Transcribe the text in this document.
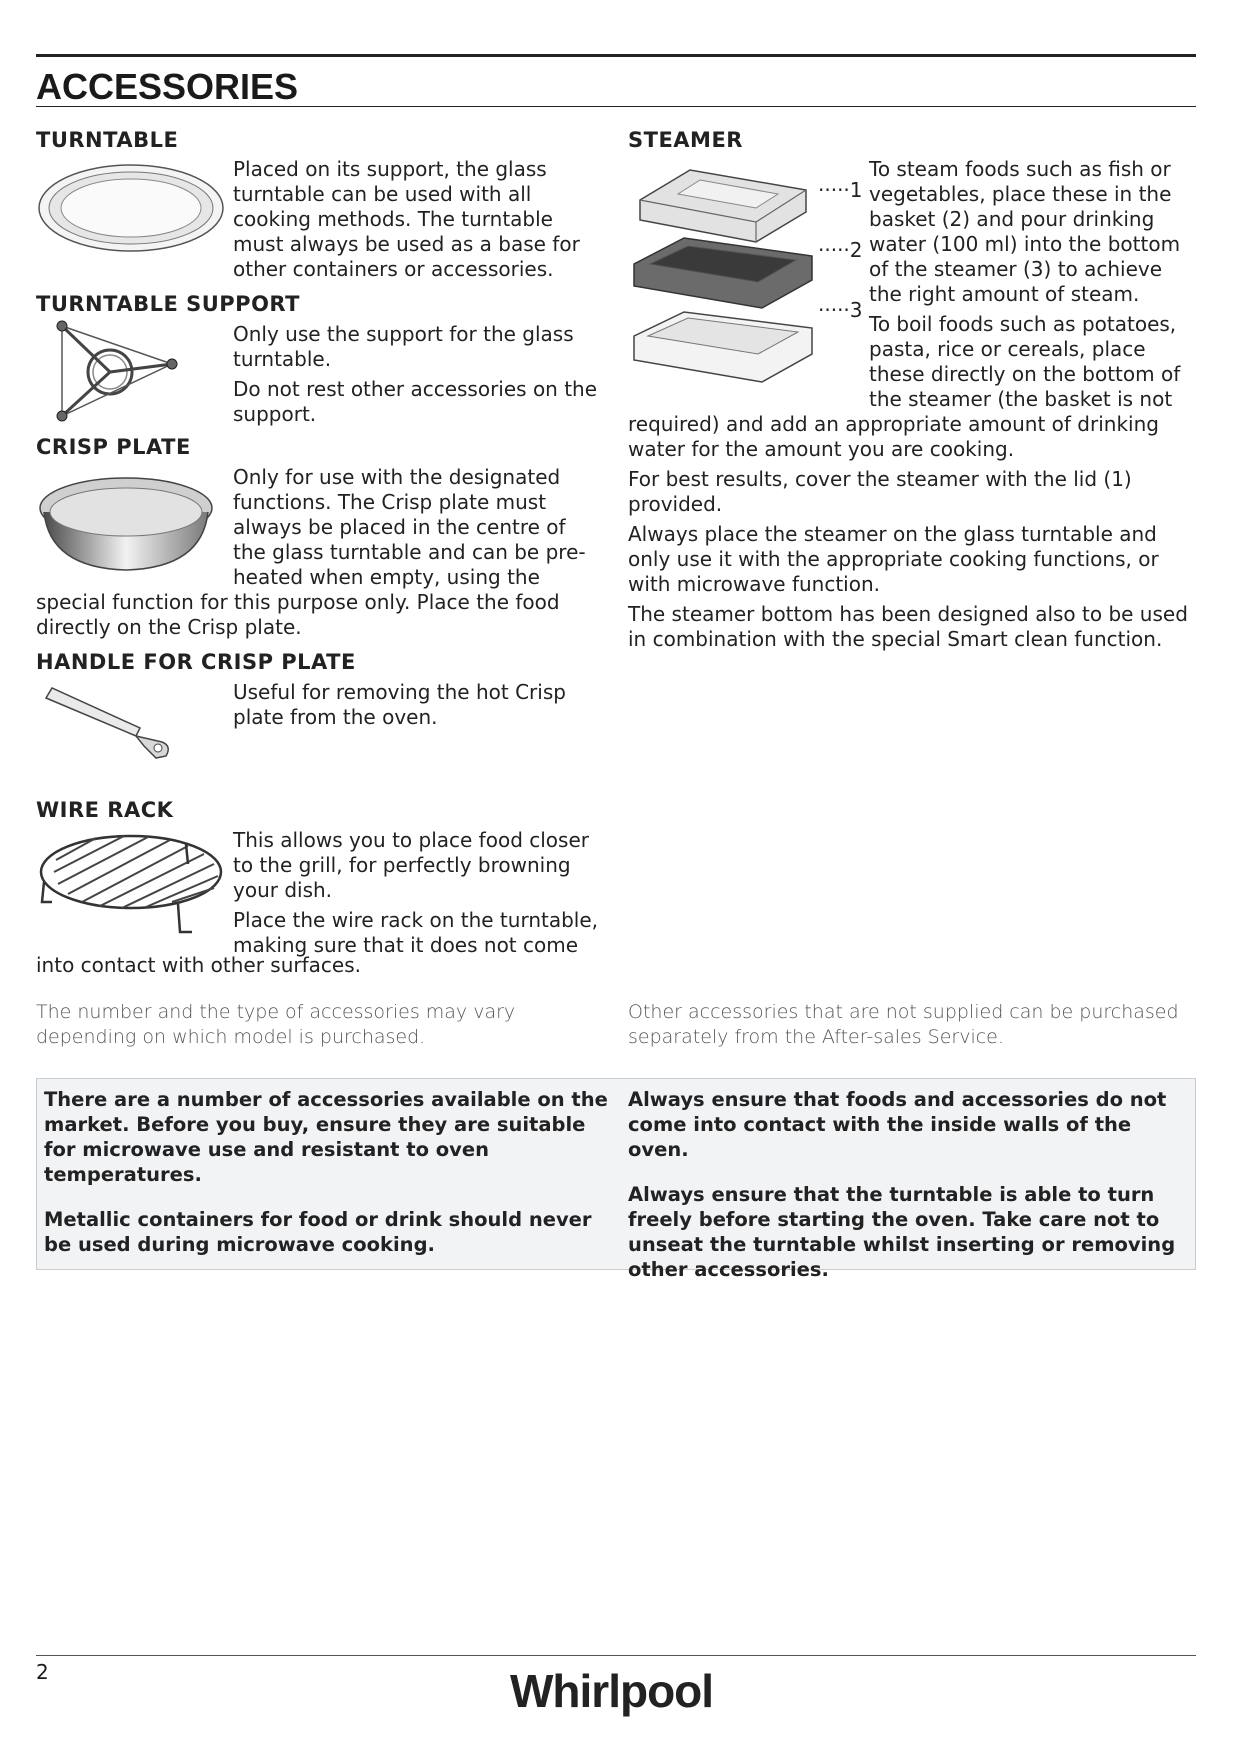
ACCESSORIES
TURNTABLE
Placed on its support, the glass turntable can be used with all cooking methods. The turntable must always be used as a base for other containers or accessories.
TURNTABLE SUPPORT

Only use the support for the glass turntable.

Do not rest other accessories on the support.

CRISP PLATE
Only for use with the designated functions. The Crisp plate must always be placed in the centre of the glass turntable and can be pre-heated when empty, using the
special function for this purpose only. Place the food directly on the Crisp plate.
HANDLE FOR CRISP PLATE
Useful for removing the hot Crisp plate from the oven.
WIRE RACK

This allows you to place food closer to the grill, for perfectly browning your dish.

Place the wire rack on the turntable, making sure that it does not come

into contact with other surfaces.
STEAMER
·····1
·····2
·····3

To steam foods such as fish or vegetables, place these in the basket (2) and pour drinking water (100 ml) into the bottom of the steamer (3) to achieve the right amount of steam.

To boil foods such as potatoes, pasta, rice or cereals, place these directly on the bottom of the steamer (the basket is not

required) and add an appropriate amount of drinking water for the amount you are cooking.

For best results, cover the steamer with the lid (1) provided.

Always place the steamer on the glass turntable and only use it with the appropriate cooking functions, or with microwave function.

The steamer bottom has been designed also to be used in combination with the special Smart clean function.

The number and the type of accessories may vary depending on which model is purchased.
Other accessories that are not supplied can be purchased separately from the After-sales Service.

There are a number of accessories available on the market. Before you buy, ensure they are suitable for microwave use and resistant to oven temperatures.

Metallic containers for food or drink should never be used during microwave cooking.

Always ensure that foods and accessories do not come into contact with the inside walls of the oven.

Always ensure that the turntable is able to turn freely before starting the oven. Take care not to unseat the turntable whilst inserting or removing other accessories.

2	Whirlpool
